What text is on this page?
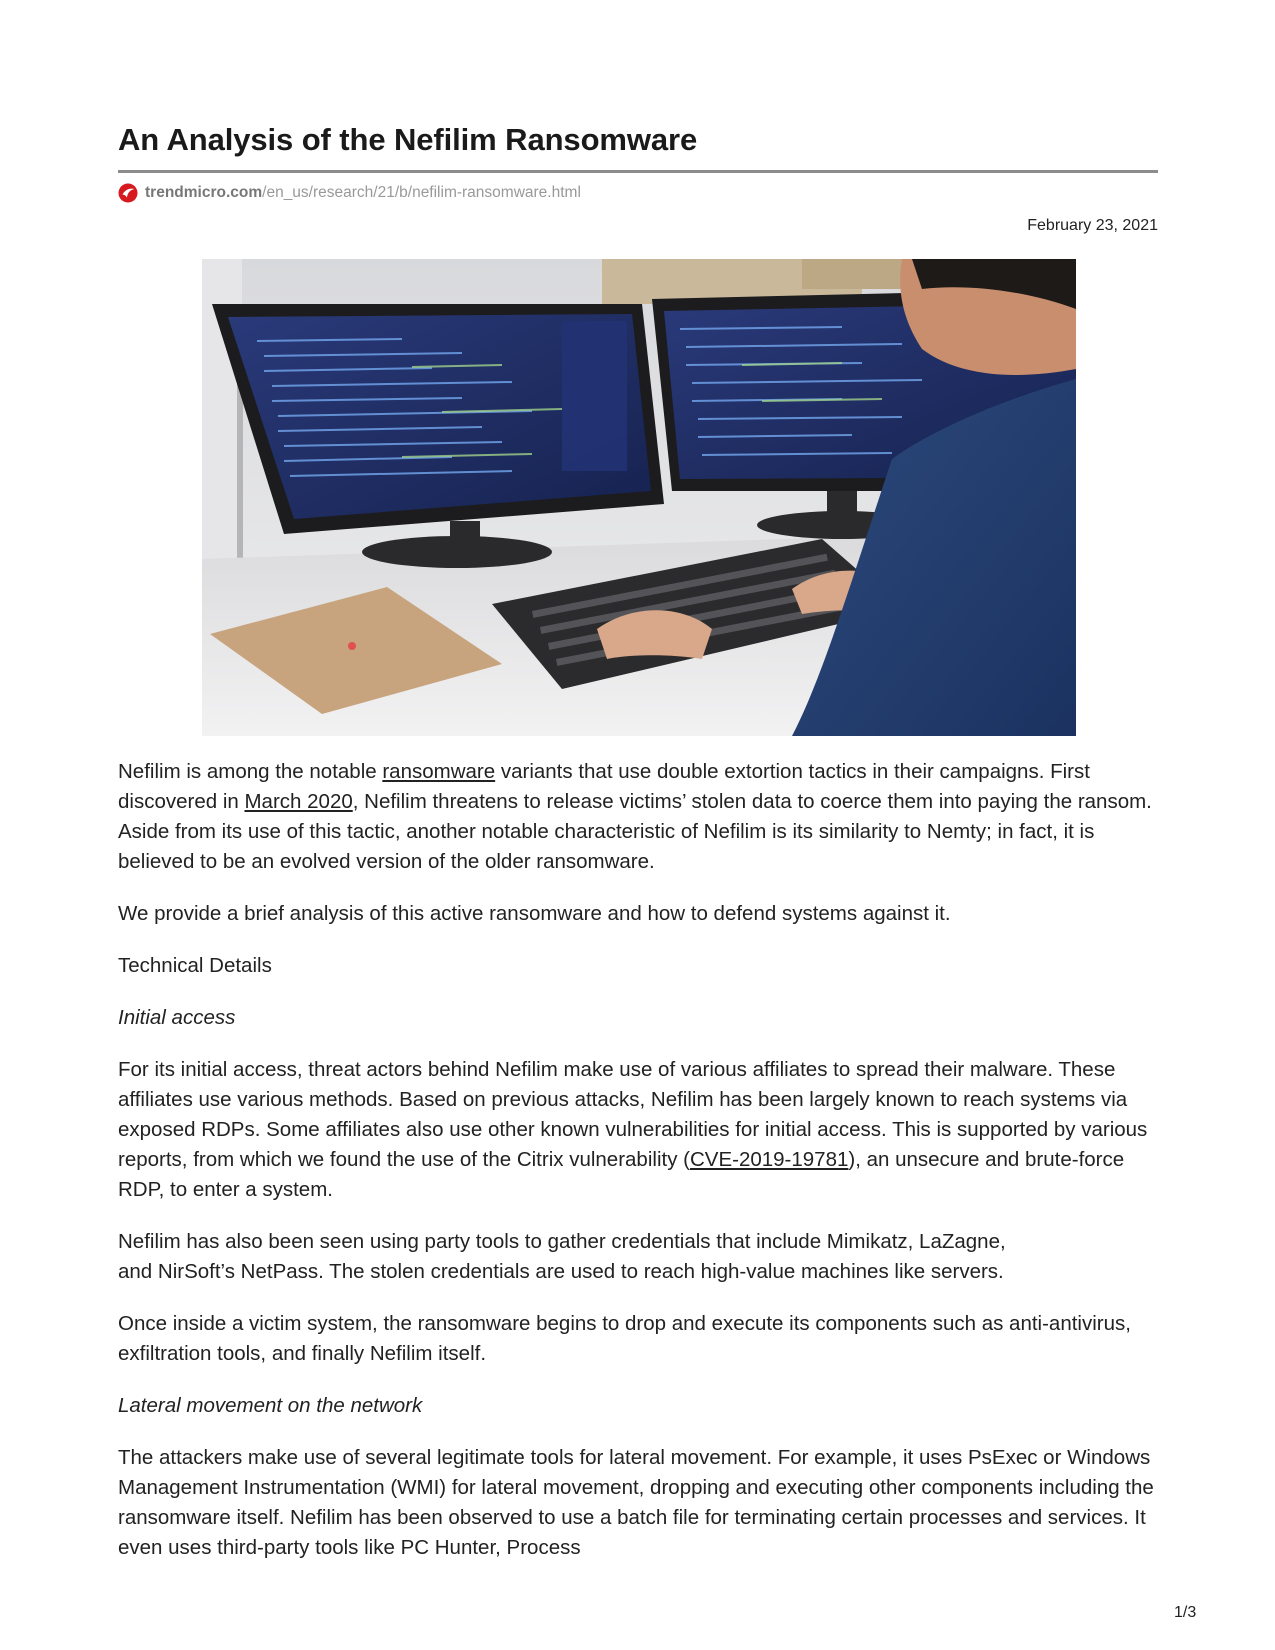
An Analysis of the Nefilim Ransomware
trendmicro.com /en_us/research/21/b/nefilim-ransomware.html
February 23, 2021

Nefilim is among the notable ransomware variants that use double extortion tactics in their campaigns. First discovered in March 2020, Nefilim threatens to release victims’ stolen data to coerce them into paying the ransom. Aside from its use of this tactic, another notable characteristic of Nefilim is its similarity to Nemty; in fact, it is believed to be an evolved version of the older ransomware.

We provide a brief analysis of this active ransomware and how to defend systems against it.

Technical Details

Initial access

For its initial access, threat actors behind Nefilim make use of various affiliates to spread their malware. These affiliates use various methods. Based on previous attacks, Nefilim has been largely known to reach systems via exposed RDPs. Some affiliates also use other known vulnerabilities for initial access. This is supported by various reports, from which we found the use of the Citrix vulnerability (CVE-2019-19781), an unsecure and brute-force RDP, to enter a system.

Nefilim has also been seen using party tools to gather credentials that include Mimikatz, LaZagne,
and NirSoft’s NetPass. The stolen credentials are used to reach high-value machines like servers.

Once inside a victim system, the ransomware begins to drop and execute its components such as anti-antivirus, exfiltration tools, and finally Nefilim itself.

Lateral movement on the network

The attackers make use of several legitimate tools for lateral movement. For example, it uses PsExec or Windows Management Instrumentation (WMI) for lateral movement, dropping and executing other components including the ransomware itself. Nefilim has been observed to use a batch file for terminating certain processes and services. It even uses third-party tools like PC Hunter, Process

1/3
